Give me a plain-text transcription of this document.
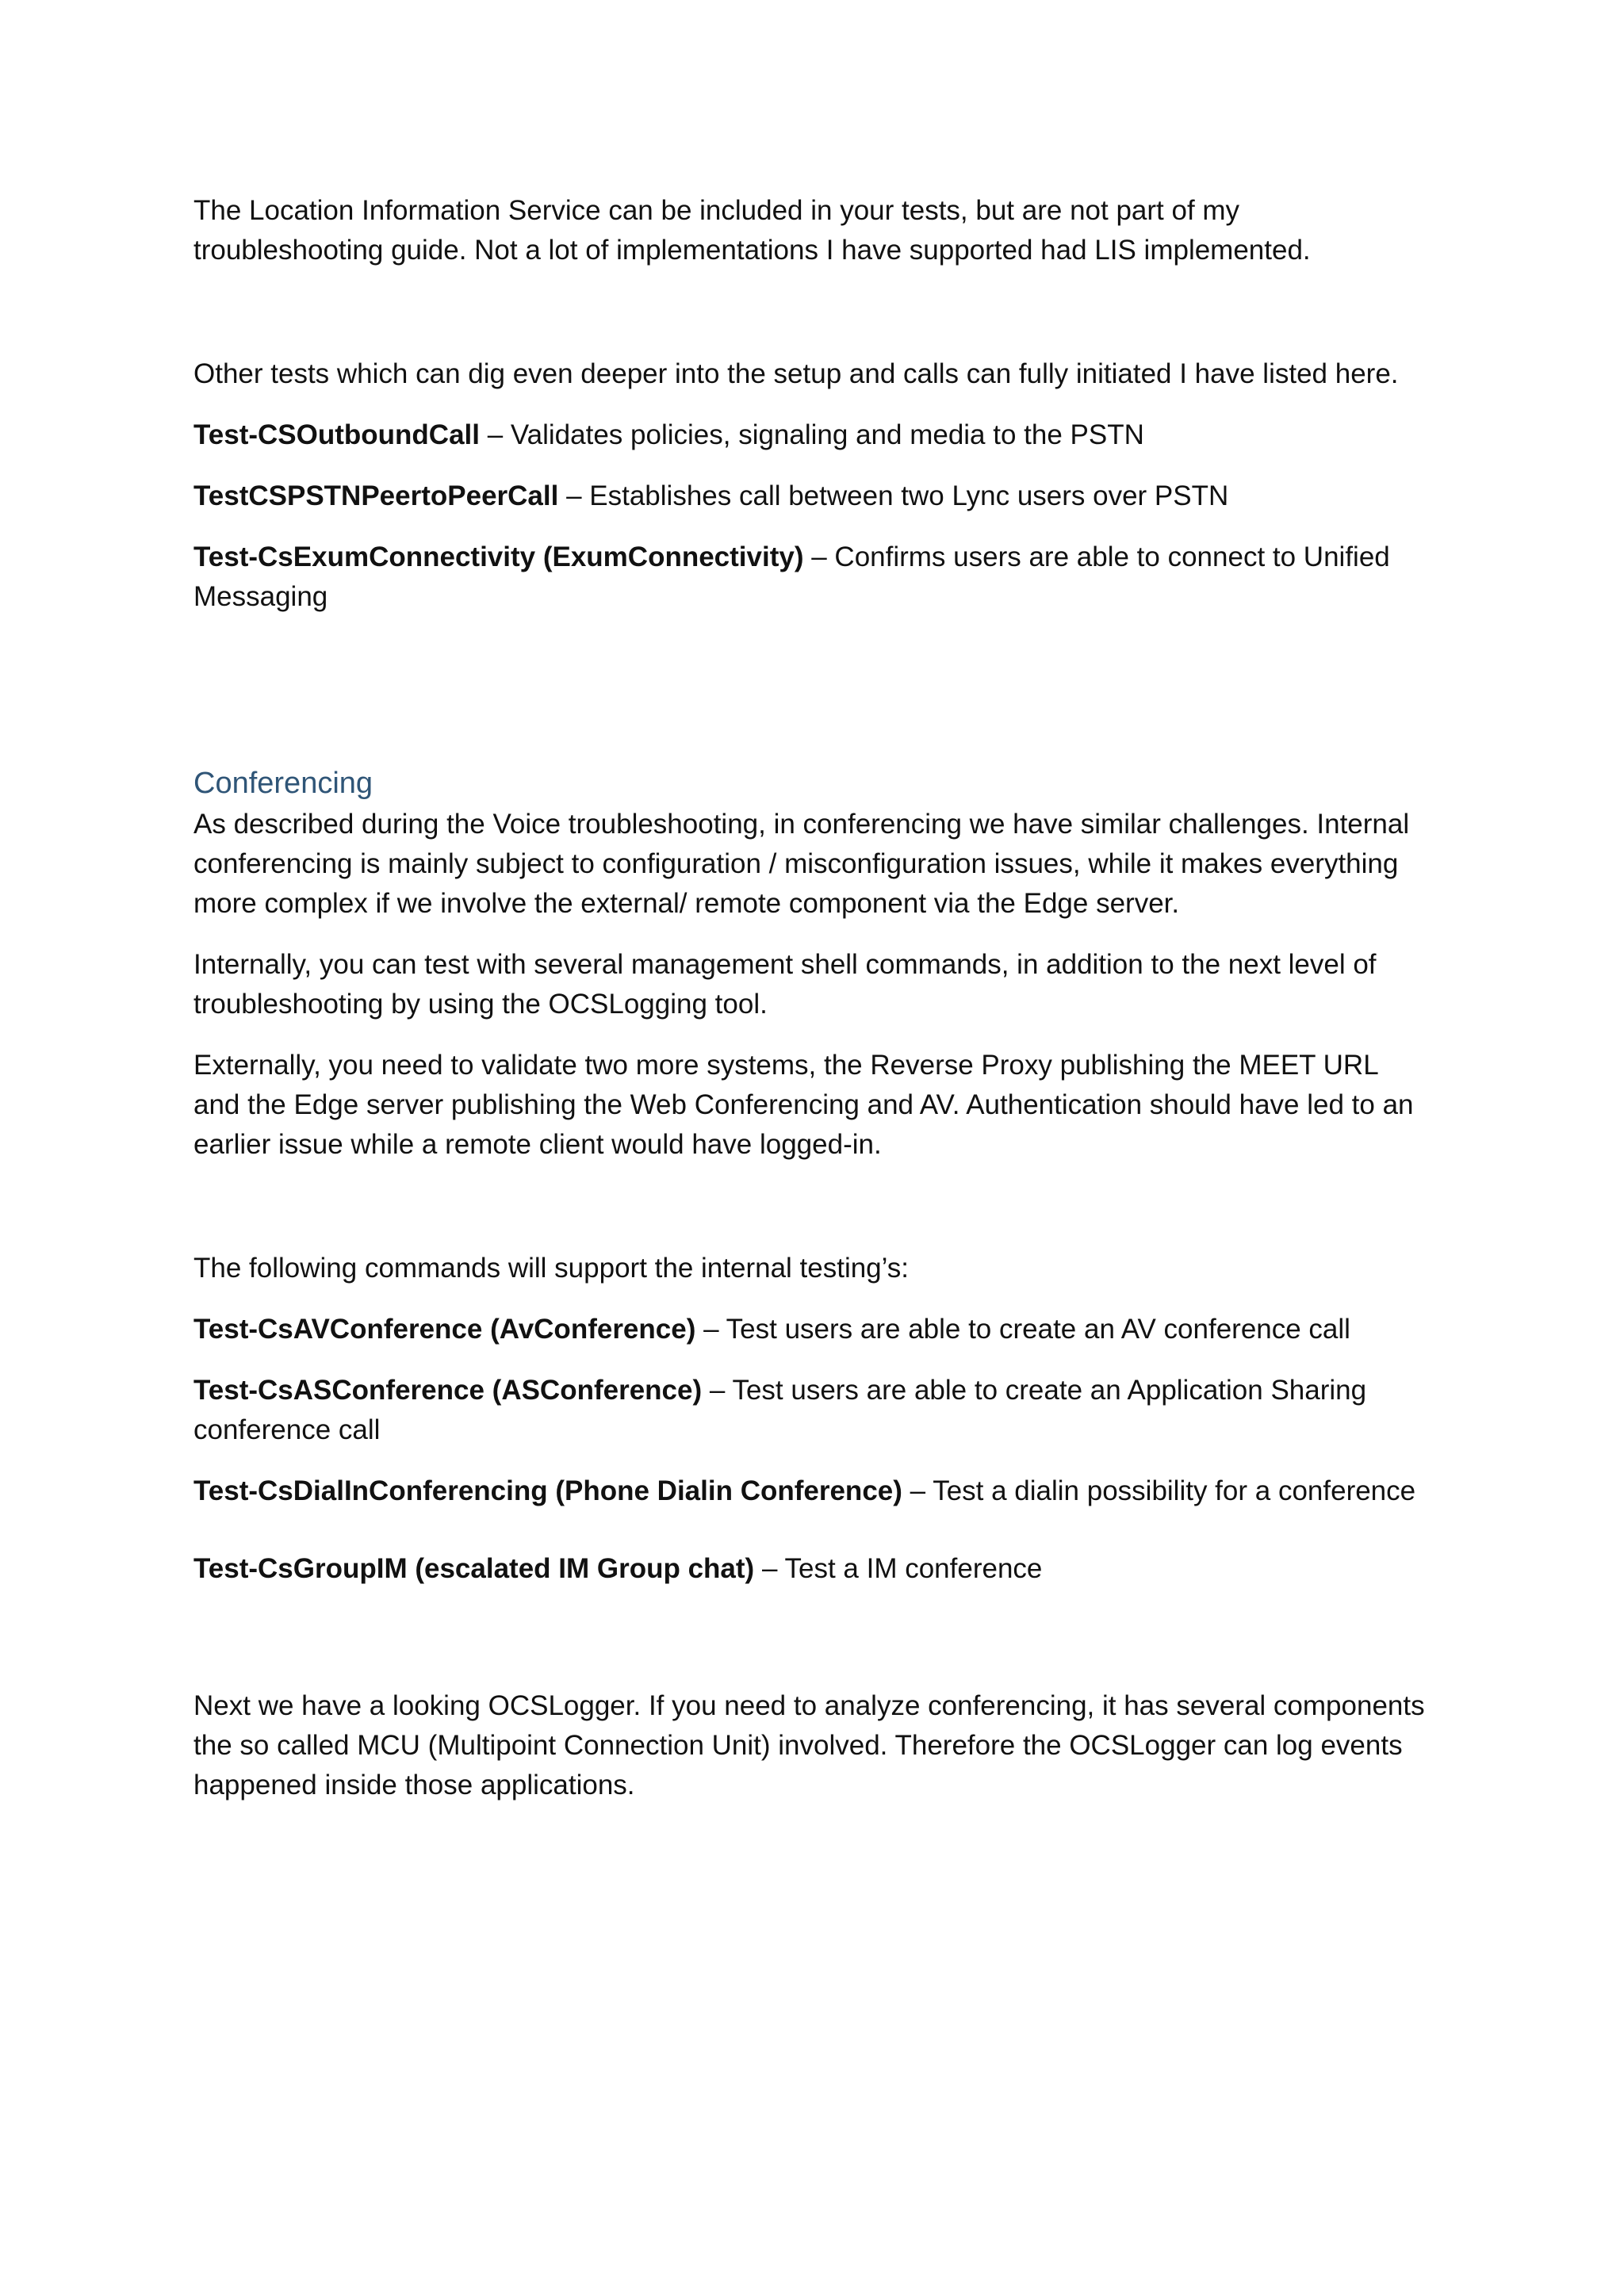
The Location Information Service can be included in your tests, but are not part of my troubleshooting guide. Not a lot of implementations I have supported had LIS implemented.

Other tests which can dig even deeper into the setup and calls can fully initiated I have listed here.

Test-CSOutboundCall – Validates policies, signaling and media to the PSTN

TestCSPSTNPeertoPeerCall – Establishes call between two Lync users over PSTN

Test-CsExumConnectivity (ExumConnectivity) – Confirms users are able to connect to Unified Messaging

Conferencing

As described during the Voice troubleshooting, in conferencing we have similar challenges. Internal conferencing is mainly subject to configuration / misconfiguration issues, while it makes everything more complex if we involve the external/ remote component via the Edge server.

Internally, you can test with several management shell commands, in addition to the next level of troubleshooting by using the OCSLogging tool.

Externally, you need to validate two more systems, the Reverse Proxy publishing the MEET URL and the Edge server publishing the Web Conferencing and AV. Authentication should have led to an earlier issue while a remote client would have logged-in.

The following commands will support the internal testing’s:

Test-CsAVConference (AvConference) – Test users are able to create an AV conference call

Test-CsASConference (ASConference) – Test users are able to create an Application Sharing conference call

Test-CsDialInConferencing (Phone Dialin Conference) – Test a dialin possibility for a conference

Test-CsGroupIM (escalated IM Group chat) – Test a IM conference

Next we have a looking OCSLogger. If you need to analyze conferencing, it has several components the so called MCU (Multipoint Connection Unit) involved. Therefore the OCSLogger can log events happened inside those applications.
